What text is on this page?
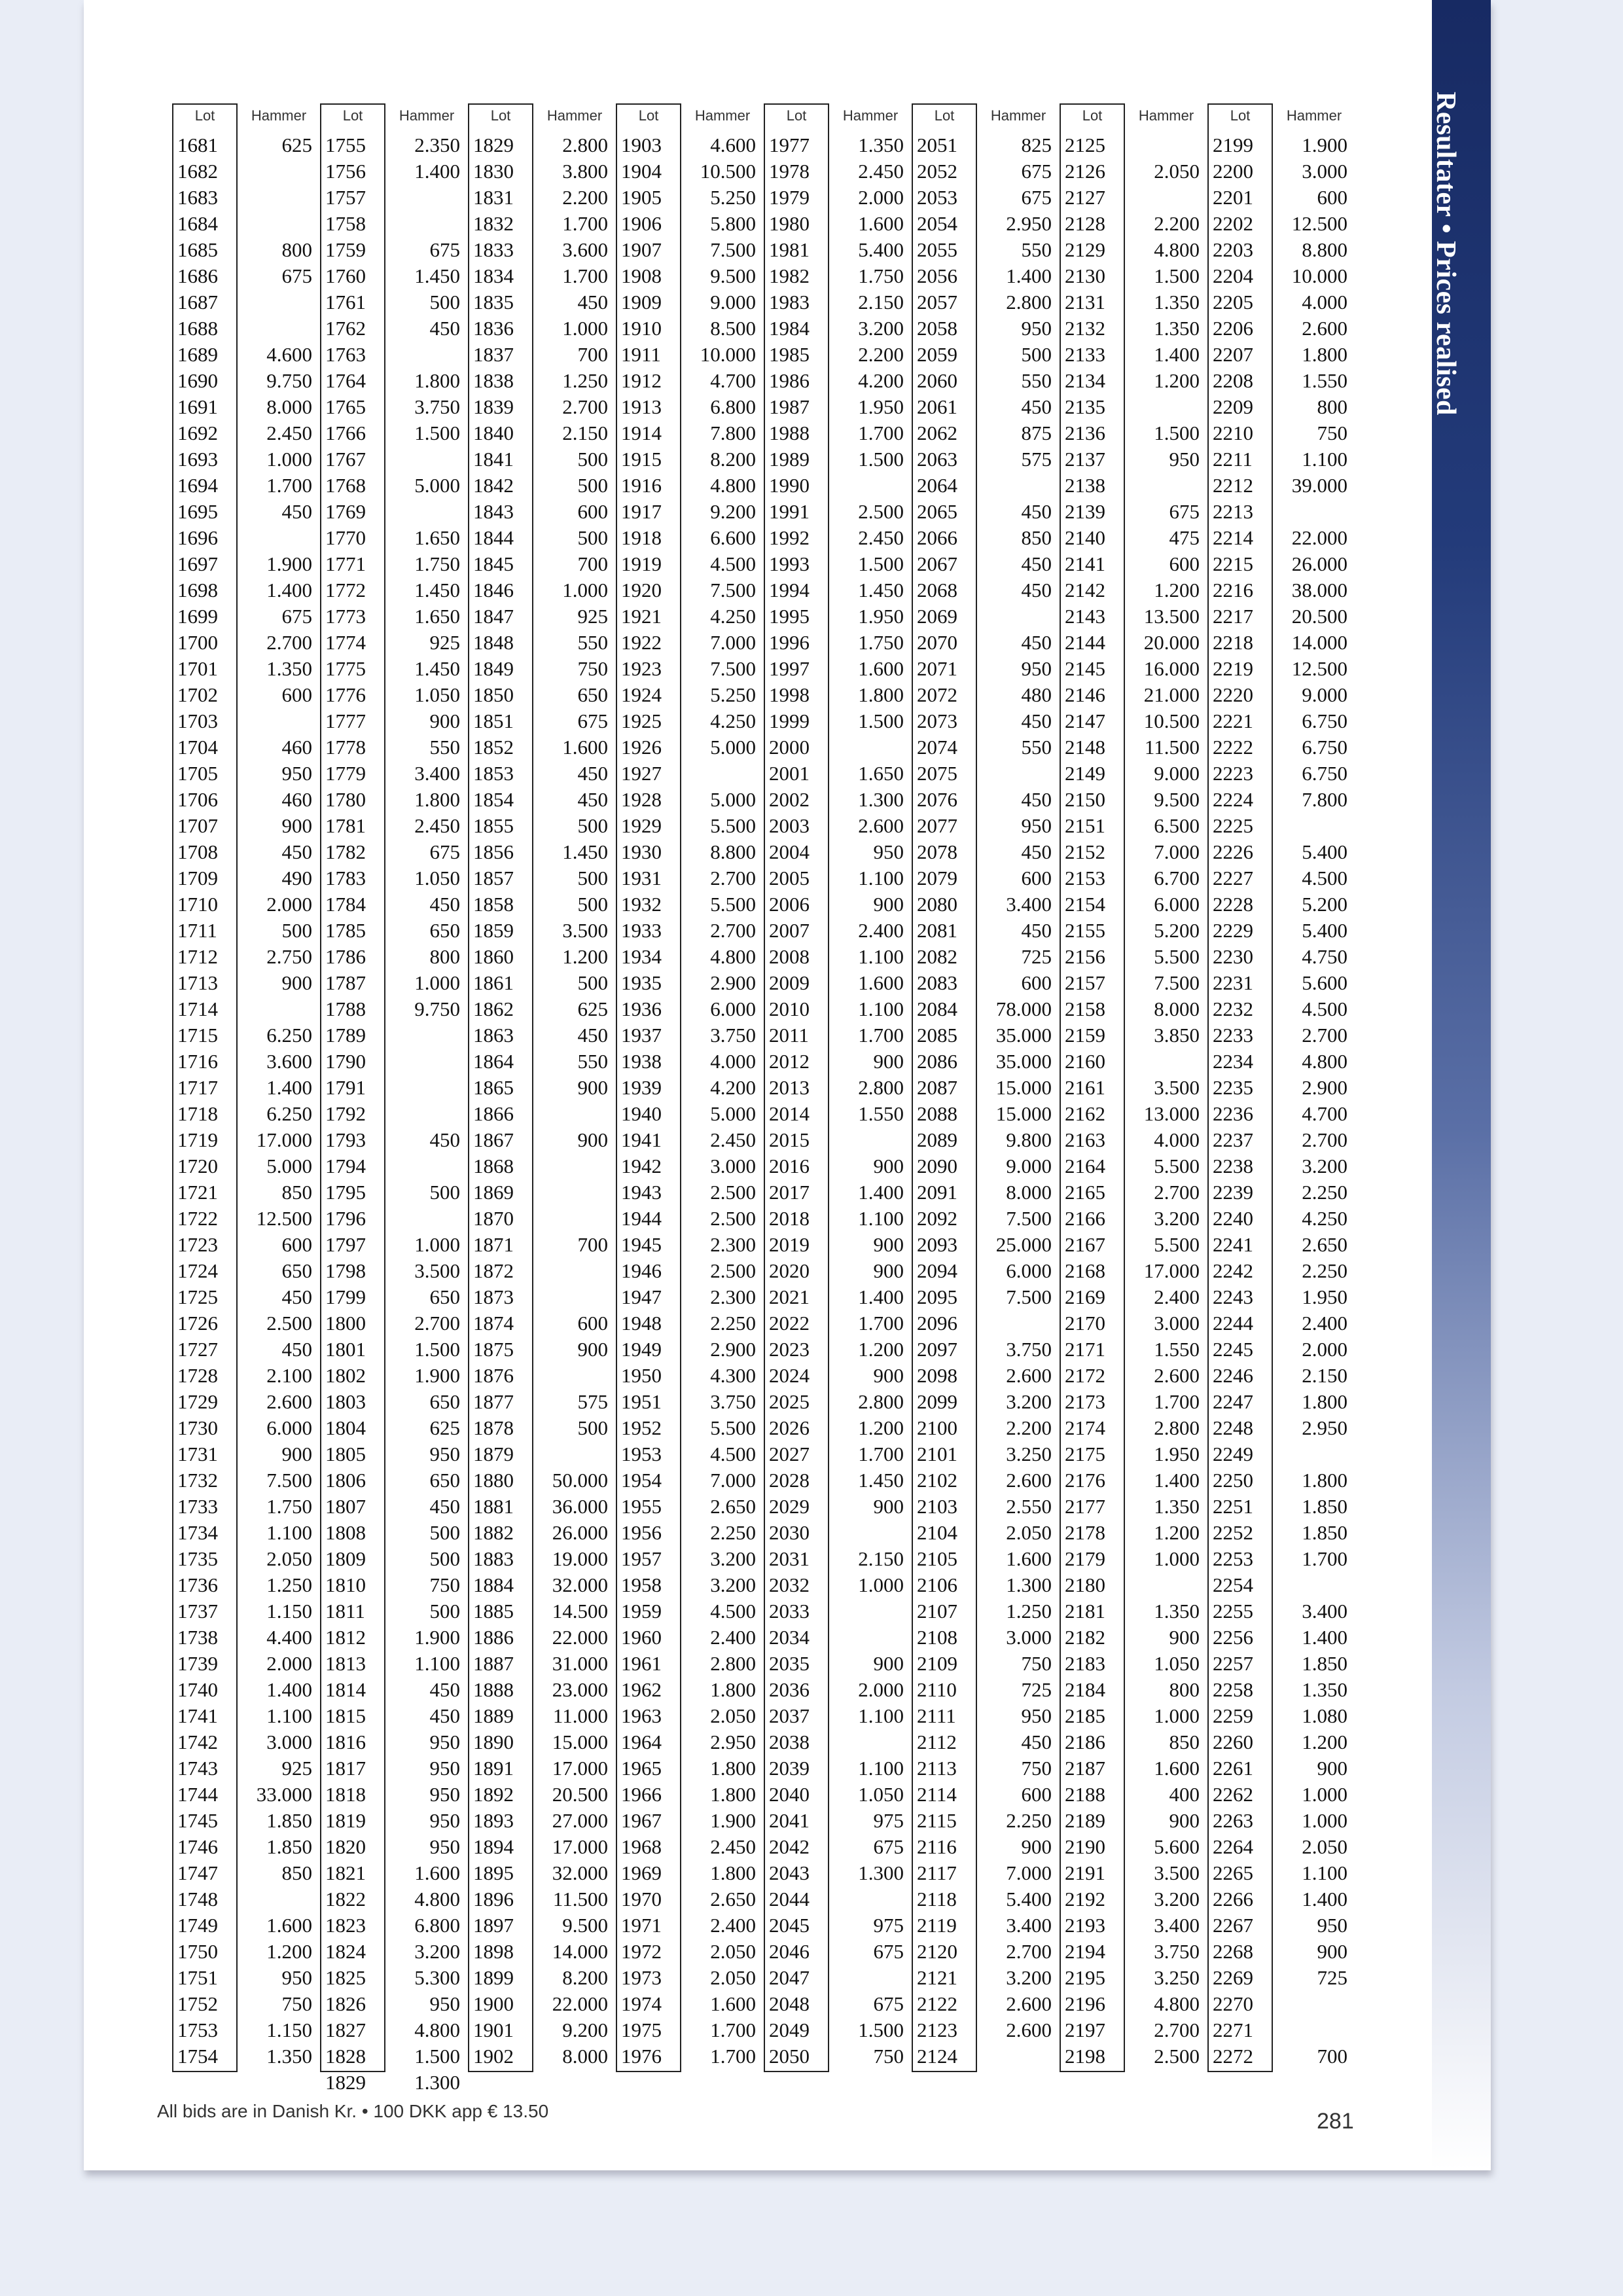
Resultater • Prices realised
Lot	Hammer
1681	625
1682
1683
1684
1685	800
1686	675
1687
1688
1689	4.600
1690	9.750
1691	8.000
1692	2.450
1693	1.000
1694	1.700
1695	450
1696
1697	1.900
1698	1.400
1699	675
1700	2.700
1701	1.350
1702	600
1703
1704	460
1705	950
1706	460
1707	900
1708	450
1709	490
1710	2.000
1711	500
1712	2.750
1713	900
1714
1715	6.250
1716	3.600
1717	1.400
1718	6.250
1719	17.000
1720	5.000
1721	850
1722	12.500
1723	600
1724	650
1725	450
1726	2.500
1727	450
1728	2.100
1729	2.600
1730	6.000
1731	900
1732	7.500
1733	1.750
1734	1.100
1735	2.050
1736	1.250
1737	1.150
1738	4.400
1739	2.000
1740	1.400
1741	1.100
1742	3.000
1743	925
1744	33.000
1745	1.850
1746	1.850
1747	850
1748
1749	1.600
1750	1.200
1751	950
1752	750
1753	1.150
1754	1.350
Lot	Hammer
1755	2.350
1756	1.400
1757
1758
1759	675
1760	1.450
1761	500
1762	450
1763
1764	1.800
1765	3.750
1766	1.500
1767
1768	5.000
1769
1770	1.650
1771	1.750
1772	1.450
1773	1.650
1774	925
1775	1.450
1776	1.050
1777	900
1778	550
1779	3.400
1780	1.800
1781	2.450
1782	675
1783	1.050
1784	450
1785	650
1786	800
1787	1.000
1788	9.750
1789
1790
1791
1792
1793	450
1794
1795	500
1796
1797	1.000
1798	3.500
1799	650
1800	2.700
1801	1.500
1802	1.900
1803	650
1804	625
1805	950
1806	650
1807	450
1808	500
1809	500
1810	750
1811	500
1812	1.900
1813	1.100
1814	450
1815	450
1816	950
1817	950
1818	950
1819	950
1820	950
1821	1.600
1822	4.800
1823	6.800
1824	3.200
1825	5.300
1826	950
1827	4.800
1828	1.500
1829	1.300
Lot	Hammer
1829	2.800
1830	3.800
1831	2.200
1832	1.700
1833	3.600
1834	1.700
1835	450
1836	1.000
1837	700
1838	1.250
1839	2.700
1840	2.150
1841	500
1842	500
1843	600
1844	500
1845	700
1846	1.000
1847	925
1848	550
1849	750
1850	650
1851	675
1852	1.600
1853	450
1854	450
1855	500
1856	1.450
1857	500
1858	500
1859	3.500
1860	1.200
1861	500
1862	625
1863	450
1864	550
1865	900
1866
1867	900
1868
1869
1870
1871	700
1872
1873
1874	600
1875	900
1876
1877	575
1878	500
1879
1880	50.000
1881	36.000
1882	26.000
1883	19.000
1884	32.000
1885	14.500
1886	22.000
1887	31.000
1888	23.000
1889	11.000
1890	15.000
1891	17.000
1892	20.500
1893	27.000
1894	17.000
1895	32.000
1896	11.500
1897	9.500
1898	14.000
1899	8.200
1900	22.000
1901	9.200
1902	8.000
Lot	Hammer
1903	4.600
1904	10.500
1905	5.250
1906	5.800
1907	7.500
1908	9.500
1909	9.000
1910	8.500
1911	10.000
1912	4.700
1913	6.800
1914	7.800
1915	8.200
1916	4.800
1917	9.200
1918	6.600
1919	4.500
1920	7.500
1921	4.250
1922	7.000
1923	7.500
1924	5.250
1925	4.250
1926	5.000
1927
1928	5.000
1929	5.500
1930	8.800
1931	2.700
1932	5.500
1933	2.700
1934	4.800
1935	2.900
1936	6.000
1937	3.750
1938	4.000
1939	4.200
1940	5.000
1941	2.450
1942	3.000
1943	2.500
1944	2.500
1945	2.300
1946	2.500
1947	2.300
1948	2.250
1949	2.900
1950	4.300
1951	3.750
1952	5.500
1953	4.500
1954	7.000
1955	2.650
1956	2.250
1957	3.200
1958	3.200
1959	4.500
1960	2.400
1961	2.800
1962	1.800
1963	2.050
1964	2.950
1965	1.800
1966	1.800
1967	1.900
1968	2.450
1969	1.800
1970	2.650
1971	2.400
1972	2.050
1973	2.050
1974	1.600
1975	1.700
1976	1.700
Lot	Hammer
1977	1.350
1978	2.450
1979	2.000
1980	1.600
1981	5.400
1982	1.750
1983	2.150
1984	3.200
1985	2.200
1986	4.200
1987	1.950
1988	1.700
1989	1.500
1990
1991	2.500
1992	2.450
1993	1.500
1994	1.450
1995	1.950
1996	1.750
1997	1.600
1998	1.800
1999	1.500
2000
2001	1.650
2002	1.300
2003	2.600
2004	950
2005	1.100
2006	900
2007	2.400
2008	1.100
2009	1.600
2010	1.100
2011	1.700
2012	900
2013	2.800
2014	1.550
2015
2016	900
2017	1.400
2018	1.100
2019	900
2020	900
2021	1.400
2022	1.700
2023	1.200
2024	900
2025	2.800
2026	1.200
2027	1.700
2028	1.450
2029	900
2030
2031	2.150
2032	1.000
2033
2034
2035	900
2036	2.000
2037	1.100
2038
2039	1.100
2040	1.050
2041	975
2042	675
2043	1.300
2044
2045	975
2046	675
2047
2048	675
2049	1.500
2050	750
Lot	Hammer
2051	825
2052	675
2053	675
2054	2.950
2055	550
2056	1.400
2057	2.800
2058	950
2059	500
2060	550
2061	450
2062	875
2063	575
2064
2065	450
2066	850
2067	450
2068	450
2069
2070	450
2071	950
2072	480
2073	450
2074	550
2075
2076	450
2077	950
2078	450
2079	600
2080	3.400
2081	450
2082	725
2083	600
2084	78.000
2085	35.000
2086	35.000
2087	15.000
2088	15.000
2089	9.800
2090	9.000
2091	8.000
2092	7.500
2093	25.000
2094	6.000
2095	7.500
2096
2097	3.750
2098	2.600
2099	3.200
2100	2.200
2101	3.250
2102	2.600
2103	2.550
2104	2.050
2105	1.600
2106	1.300
2107	1.250
2108	3.000
2109	750
2110	725
2111	950
2112	450
2113	750
2114	600
2115	2.250
2116	900
2117	7.000
2118	5.400
2119	3.400
2120	2.700
2121	3.200
2122	2.600
2123	2.600
2124
Lot	Hammer
2125
2126	2.050
2127
2128	2.200
2129	4.800
2130	1.500
2131	1.350
2132	1.350
2133	1.400
2134	1.200
2135
2136	1.500
2137	950
2138
2139	675
2140	475
2141	600
2142	1.200
2143	13.500
2144	20.000
2145	16.000
2146	21.000
2147	10.500
2148	11.500
2149	9.000
2150	9.500
2151	6.500
2152	7.000
2153	6.700
2154	6.000
2155	5.200
2156	5.500
2157	7.500
2158	8.000
2159	3.850
2160
2161	3.500
2162	13.000
2163	4.000
2164	5.500
2165	2.700
2166	3.200
2167	5.500
2168	17.000
2169	2.400
2170	3.000
2171	1.550
2172	2.600
2173	1.700
2174	2.800
2175	1.950
2176	1.400
2177	1.350
2178	1.200
2179	1.000
2180
2181	1.350
2182	900
2183	1.050
2184	800
2185	1.000
2186	850
2187	1.600
2188	400
2189	900
2190	5.600
2191	3.500
2192	3.200
2193	3.400
2194	3.750
2195	3.250
2196	4.800
2197	2.700
2198	2.500
Lot	Hammer
2199	1.900
2200	3.000
2201	600
2202	12.500
2203	8.800
2204	10.000
2205	4.000
2206	2.600
2207	1.800
2208	1.550
2209	800
2210	750
2211	1.100
2212	39.000
2213
2214	22.000
2215	26.000
2216	38.000
2217	20.500
2218	14.000
2219	12.500
2220	9.000
2221	6.750
2222	6.750
2223	6.750
2224	7.800
2225
2226	5.400
2227	4.500
2228	5.200
2229	5.400
2230	4.750
2231	5.600
2232	4.500
2233	2.700
2234	4.800
2235	2.900
2236	4.700
2237	2.700
2238	3.200
2239	2.250
2240	4.250
2241	2.650
2242	2.250
2243	1.950
2244	2.400
2245	2.000
2246	2.150
2247	1.800
2248	2.950
2249
2250	1.800
2251	1.850
2252	1.850
2253	1.700
2254
2255	3.400
2256	1.400
2257	1.850
2258	1.350
2259	1.080
2260	1.200
2261	900
2262	1.000
2263	1.000
2264	2.050
2265	1.100
2266	1.400
2267	950
2268	900
2269	725
2270
2271
2272	700
All bids are in Danish Kr. • 100 DKK app € 13.50	281
